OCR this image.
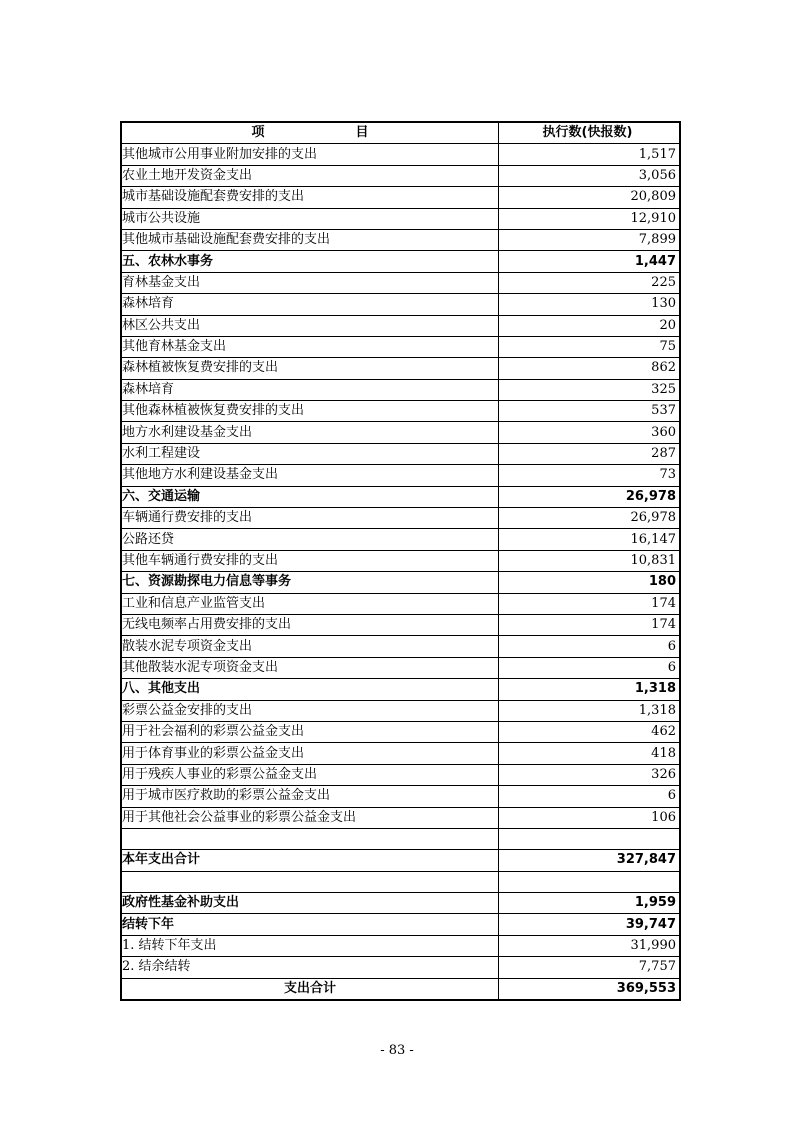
项　　　　　　　目	执行数(快报数)
其他城市公用事业附加安排的支出	1,517
农业土地开发资金支出	3,056
城市基础设施配套费安排的支出	20,809
城市公共设施	12,910
其他城市基础设施配套费安排的支出	7,899
五、农林水事务	1,447
育林基金支出	225
森林培育	130
林区公共支出	20
其他育林基金支出	75
森林植被恢复费安排的支出	862
森林培育	325
其他森林植被恢复费安排的支出	537
地方水利建设基金支出	360
水利工程建设	287
其他地方水利建设基金支出	73
六、交通运输	26,978
车辆通行费安排的支出	26,978
公路还贷	16,147
其他车辆通行费安排的支出	10,831
七、资源勘探电力信息等事务	180
工业和信息产业监管支出	174
无线电频率占用费安排的支出	174
散装水泥专项资金支出	6
其他散装水泥专项资金支出	6
八、其他支出	1,318
彩票公益金安排的支出	1,318
用于社会福利的彩票公益金支出	462
用于体育事业的彩票公益金支出	418
用于残疾人事业的彩票公益金支出	326
用于城市医疗救助的彩票公益金支出	6
用于其他社会公益事业的彩票公益金支出	106

本年支出合计	327,847

政府性基金补助支出	1,959
结转下年	39,747
1. 结转下年支出	31,990
2. 结余结转	7,757
支出合计	369,553
- 83 -
